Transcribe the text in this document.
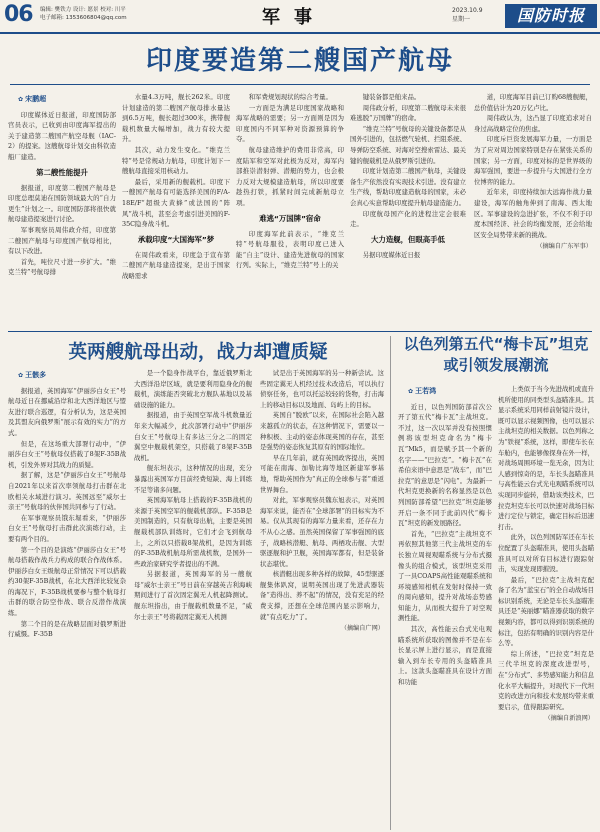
06 编辑: 樊铁力 设计: 愿景 校对: 川平
电子邮箱: 1353606804@qq.com	军事	2023.10.9
星期一	国防时报
印度要造第二艘国产航母
✿ 宋鹏超

印度媒体近日报道，印度国防部官员表示，已收到由印度海军提出的关于建造第二艘国产航空母舰（IAC-2）的提案。这艘航母计划交由科钦造船厂建造。

第二艘性能提升

据报道，印度第二艘国产航母是印度总理莫迪在国防领域最大的“自力更生”计划之一。印度国防部将很快就航母建造提案进行讨论。

军事观察员周伟政介绍，印度第二艘国产航母与印度国产航母相比，有以下改进。

首先，吨位尺寸进一步扩大。“维克兰特”号航母排

水量4.3万吨，舰长262米。印度计划建造的第二艘国产航母排水量达到6.5万吨，舰长超过300米，携带舰载机数量大幅增加，战力有较大提升。

其次，动力发生变化。“维克兰特”号是常规动力航母，印度计划下一艘航母直接采用核动力。

最后，采用新的舰载机。印度下一艘国产航母有可能选择美国的F/A-18E/F“超级大黄蜂”或法国的“阵风”战斗机，甚至会考虑引进美国的F-35C隐身战斗机。

承载印度“大国海军”梦

在周伟政看来，印度急于宣布第二艘国产航母建造提案，是出于国家战略需求

和军费规划现状的综合考量。

一方面是为满足印度国家战略和海军战略的需要；另一方面则是因为印度国内不同军种对资源预算的争夺。

航母建造维护的费用非常高，印度陆军和空军对此极为反对，海军内部推崇潜射弹、潜艇的势力，也会极力反对大规模建造航母，所以印度要趁热打铁，抓紧时间完成新航母立项。

难逃“万国牌”宿命

印度海军此前表示，“维克兰特”号航母服役，表明印度已进入能“自主”设计、建造先进航母的国家行列。实际上，“维克兰特”号上的关

键装备都是舶来品。

周伟政分析，印度第二艘航母未来很难逃脱“万国牌”的宿命。

“维克兰特”号航母的关键设备都是从国外引进的，包括燃气轮机、拦阻系统、导弹防空系统、对海对空搜索雷达、最关键的舰载机是从俄罗斯引进的。

印度计划造第二艘国产航母，关键设备生产依然没有实现技术引进。没有建立生产线，帮助印度建造航母的国家，未必会真心实意帮助印度提升航母建造能力。

印度航母国产化的进程注定会很难走。

大力造舰，但眼高手低

另据印度媒体近日报

道，印度海军目前已订购68艘舰艇，总价值估计为20万亿卢比。

周伟政认为，这凸显了印度追求对自身过高战略定位的焦虑。

印度斥巨资发展海军力量，一方面是为了应对周边国家特别是存在紧张关系的国家；另一方面，印度对标的是世界级的海军强国，要进一步提升与大国进行全方位博弈的能力。

近年来，印度持续加大远海作战力量建设，海军的触角伸到了南海、西太地区。军事建设的急进扩张，不仅不利于印度本国经济、社会的均衡发展，还会给地区安全局势带来新的挑战。

（摘编自广东军事）
英两艘航母出动，战力却遭质疑
✿ 王骸多

据报道，英国海军“伊丽莎白女王”号航母近日在挪威沿岸和北大西洋地区与盟友进行联合巡逻，有分析认为，这是英国及其盟友向俄罗斯“展示有效的实力”的方式。

但是，在这场重大部署行动中，“伊丽莎白女王”号航母仅搭载了8架F-35B战机，引发外界对其战力的质疑。

据了解，这是“伊丽莎白女王”号航母自2021年以来首次率领航母打击群在北欧相关水域进行演习。英国远至“威尔士亲王”号航母的伙伴国共同参与了行动。

在军事观察员饿东堀看来，“伊丽莎白女王”号航母打击群此次演练行动，主要有两个目的。

第一个目的是演练“伊丽莎白女王”号航母搭载作战兵力构成的联合作战体系。伊丽莎白女王级航母正常情况下可以搭载约30架F-35B战机，在北大西洋比较复杂的海况下，F-35B战机要参与整个航母打击群的联合防空作战、联合反潜作战演练。

第二个目的是在战略层面对俄罗斯进行威慑。F-35B

是一个隐身作战平台，靠近俄罗斯北大西洋沿岸区域，就是要利用隐身化的舰载机，演练能否突破北方舰队基地以及基础设施的能力。

据报道，由于英国空军战斗机数量近年来大幅减少，此次部署行动中“伊丽莎白女王”号航母上有多达三分之二的固定翼空中舰载机架空，只搭载了8架F-35B战机。

舰东坦表示，这种情况的出现，充分暴露出英国军方目前经费短缺、海上训练不足等诸多问题。

英国海军航母上搭载的F-35B战机的来源于英国空军的舰载机部队。F-35B是美国制造的，只有航母出航，主要是英国舰载机部队训练时，它们才会飞到航母上，之所以只搭载8架战机，是因为训练的F-35B战机航母所需战机数，是国外一些政治家研究学者提出的不满。

另据报道，英国海军的另一艘航母“威尔士亲王”号日前在穿越英吉利海峡期间进行了首次固定翼无人机起降测试。舰东坦指出，由于舰载机数量不足，“威尔士亲王”号将载固定翼无人机测

试是出于英国海军的另一种新尝试。这些固定翼无人机经过技术改造后，可以执行侦察任务，也可以托运较轻的货物，打击海上的移动目标以及地面、岛屿上的目标。

英国自“脱欧”以来，在国际社会陷入越来越孤立的状态，在这种情况下，需要以一种积极、主动的姿态体现英国的存在，甚至是强势的姿态恢复其原有的国际地位。

早在几年前，就有英国政客提出，英国可能在南海、加勒比海等地区新建军事基地，帮助英国作为“真正的全球参与者”重返世界舞台。

对此，军事观察员魏东旭表示，对英国海军来说，能否在“全球部署”的目标实为不易。仅从其现有的海军力量来看，还存在力不从心之感。虽然英国保留了军事强国的底子，战略核潜艇、航母、两栖攻击舰、大型驱逐舰和护卫舰，英国海军都有，但是装备状态堪忧。

核潜艇出现多种各样的故障，45型驱逐舰集体趴窝，说明英国出现了先进武器装备“造得出、养不起”的情况，没有充足的经费支撑，还想在全球范围内显示影响力，就“有点吃力”了。

（摘编自广网）
以色列第五代“梅卡瓦”坦克或引领发展潮流
✿ 王若鸿

近日，以色列国防部首次公开了第五代“梅卡瓦”主战坦克。不过，这一次以军并没有按照惯例将该型坦克命名为“梅卡瓦”Mk5，而是赋予其一个新的名字——“巴拉克”。“梅卡瓦”在希伯来语中意思是“战车”，而“巴拉克”的意思是“闪电”。为最新一代坦克更换新的名称显然是以色列国防部希望“巴拉克”坦克能够开启一条不同于此前四代“梅卡瓦”坦克的新发展路径。

首先，“巴拉克”主战坦克不再依照其他第三代主战坦克的车长独立周视观瞄系统与分布式摄像头的组合模式，该型坦克采用了一具COAPS高性能观瞄系统和环境感知相机在发射时保持一致的周向感知，提升对战场态势感知能力，从而极大提升了对空观测性能。

其次，高性能云台式光电观瞄系统所获取的图像并不是在车长显示屏上进行显示，而是直接输入到车长专用的头盔瞄准具上。这款头盔瞄准具在设计方面和功能

上类似于当今先进战机或直升机所使用的同类型头盔瞄准具。其显示系统采用同样前射镜片设计，既可以显示视频图像，也可以显示主战坦克的相关数据。以色列称之为“铁视”系统，这样，即使车长在车舱内，也能够像探身在外一样，对战场周围环境一览无余，因为让人感到惊奇的是，车长头盔瞄准具与高性能云台式光电观瞄系统可以实现同步旋转，借助该类技术，巴拉克坦克车长可以快速对战场目标进行定位与锁定，确定目标后迅速打击。

此外，以色列国防军还在车长位配置了头盔瞄准具，使用头盔瞄准具可以对所有目标进行跟踪射击，实现发现即摧毁。

最后，“巴拉克”主战坦克配备了名为“蓝宝石”的全自动战场目标识别系统，无论是车长头盔瞄准具还是“英丽娜”瞄准器获取的数字视频内容，都可以得到识别系统的标注，包括有明确的识别内容是什么等。

综上所述，“巴拉克”坦克是三代半坦克的深度改进型号，在“分布式”、多势感知能力和信息化水平大幅提升，对现代下一代坦克的改进方向和技术发展均带来重要启示，值得跟踪研究。

（摘编自新浪网）
